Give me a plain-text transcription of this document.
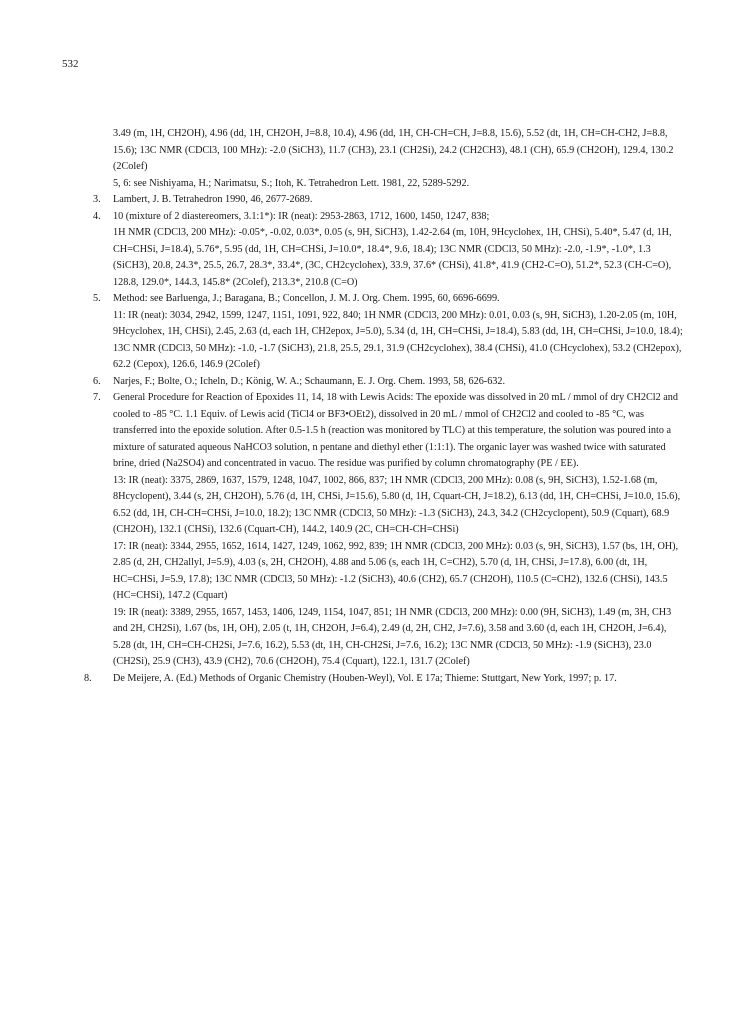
532

3.49 (m, 1H, CH2OH), 4.96 (dd, 1H, CH2OH, J=8.8, 10.4), 4.96 (dd, 1H, CH-CH=CH, J=8.8, 15.6), 5.52 (dt, 1H, CH=CH-CH2, J=8.8, 15.6); 13C NMR (CDCl3, 100 MHz): -2.0 (SiCH3), 11.7 (CH3), 23.1 (CH2Si), 24.2 (CH2CH3), 48.1 (CH), 65.9 (CH2OH), 129.4, 130.2 (2Colef)

5, 6: see Nishiyama, H.; Narimatsu, S.; Itoh, K. Tetrahedron Lett. 1981, 22, 5289-5292.

3. Lambert, J. B. Tetrahedron 1990, 46, 2677-2689.

4. 10 (mixture of 2 diastereomers, 3.1:1*): IR (neat): 2953-2863, 1712, 1600, 1450, 1247, 838;

1H NMR (CDCl3, 200 MHz): -0.05*, -0.02, 0.03*, 0.05 (s, 9H, SiCH3), 1.42-2.64 (m, 10H, 9Hcyclohex, 1H, CHSi), 5.40*, 5.47 (d, 1H, CH=CHSi, J=18.4), 5.76*, 5.95 (dd, 1H, CH=CHSi, J=10.0*, 18.4*, 9.6, 18.4); 13C NMR (CDCl3, 50 MHz): -2.0, -1.9*, -1.0*, 1.3 (SiCH3), 20.8, 24.3*, 25.5, 26.7, 28.3*, 33.4*, (3C, CH2cyclohex), 33.9, 37.6* (CHSi), 41.8*, 41.9 (CH2-C=O), 51.2*, 52.3 (CH-C=O), 128.8, 129.0*, 144.3, 145.8* (2Colef), 213.3*, 210.8 (C=O)

5. Method: see Barluenga, J.; Baragana, B.; Concellon, J. M. J. Org. Chem. 1995, 60, 6696-6699.

11: IR (neat): 3034, 2942, 1599, 1247, 1151, 1091, 922, 840; 1H NMR (CDCl3, 200 MHz): 0.01, 0.03 (s, 9H, SiCH3), 1.20-2.05 (m, 10H, 9Hcyclohex, 1H, CHSi), 2.45, 2.63 (d, each 1H, CH2epox, J=5.0), 5.34 (d, 1H, CH=CHSi, J=18.4), 5.83 (dd, 1H, CH=CHSi, J=10.0, 18.4); 13C NMR (CDCl3, 50 MHz): -1.0, -1.7 (SiCH3), 21.8, 25.5, 29.1, 31.9 (CH2cyclohex), 38.4 (CHSi), 41.0 (CHcyclohex), 53.2 (CH2epox), 62.2 (Cepox), 126.6, 146.9 (2Colef)

6. Narjes, F.; Bolte, O.; Icheln, D.; König, W. A.; Schaumann, E. J. Org. Chem. 1993, 58, 626-632.

7. General Procedure for Reaction of Epoxides 11, 14, 18 with Lewis Acids: The epoxide was dissolved in 20 mL / mmol of dry CH2Cl2 and cooled to -85 °C. 1.1 Equiv. of Lewis acid (TiCl4 or BF3•OEt2), dissolved in 20 mL / mmol of CH2Cl2 and cooled to -85 °C, was transferred into the epoxide solution. After 0.5-1.5 h (reaction was monitored by TLC) at this temperature, the solution was poured into a mixture of saturated aqueous NaHCO3 solution, n pentane and diethyl ether (1:1:1). The organic layer was washed twice with saturated brine, dried (Na2SO4) and concentrated in vacuo. The residue was purified by column chromatography (PE / EE).

13: IR (neat): 3375, 2869, 1637, 1579, 1248, 1047, 1002, 866, 837; 1H NMR (CDCl3, 200 MHz): 0.08 (s, 9H, SiCH3), 1.52-1.68 (m, 8Hcyclopent), 3.44 (s, 2H, CH2OH), 5.76 (d, 1H, CHSi, J=15.6), 5.80 (d, 1H, Cquart-CH, J=18.2), 6.13 (dd, 1H, CH=CHSi, J=10.0, 15.6), 6.52 (dd, 1H, CH-CH=CHSi, J=10.0, 18.2); 13C NMR (CDCl3, 50 MHz): -1.3 (SiCH3), 24.3, 34.2 (CH2cyclopent), 50.9 (Cquart), 68.9 (CH2OH), 132.1 (CHSi), 132.6 (Cquart-CH), 144.2, 140.9 (2C, CH=CH-CH=CHSi)

17: IR (neat): 3344, 2955, 1652, 1614, 1427, 1249, 1062, 992, 839; 1H NMR (CDCl3, 200 MHz): 0.03 (s, 9H, SiCH3), 1.57 (bs, 1H, OH), 2.85 (d, 2H, CH2allyl, J=5.9), 4.03 (s, 2H, CH2OH), 4.88 and 5.06 (s, each 1H, C=CH2), 5.70 (d, 1H, CHSi, J=17.8), 6.00 (dt, 1H, HC=CHSi, J=5.9, 17.8); 13C NMR (CDCl3, 50 MHz): -1.2 (SiCH3), 40.6 (CH2), 65.7 (CH2OH), 110.5 (C=CH2), 132.6 (CHSi), 143.5 (HC=CHSi), 147.2 (Cquart)

19: IR (neat): 3389, 2955, 1657, 1453, 1406, 1249, 1154, 1047, 851; 1H NMR (CDCl3, 200 MHz): 0.00 (9H, SiCH3), 1.49 (m, 3H, CH3 and 2H, CH2Si), 1.67 (bs, 1H, OH), 2.05 (t, 1H, CH2OH, J=6.4), 2.49 (d, 2H, CH2, J=7.6), 3.58 and 3.60 (d, each 1H, CH2OH, J=6.4), 5.28 (dt, 1H, CH=CH-CH2Si, J=7.6, 16.2), 5.53 (dt, 1H, CH-CH2Si, J=7.6, 16.2); 13C NMR (CDCl3, 50 MHz): -1.9 (SiCH3), 23.0 (CH2Si), 25.9 (CH3), 43.9 (CH2), 70.6 (CH2OH), 75.4 (Cquart), 122.1, 131.7 (2Colef)

8. De Meijere, A. (Ed.) Methods of Organic Chemistry (Houben-Weyl), Vol. E 17a; Thieme: Stuttgart, New York, 1997; p. 17.
